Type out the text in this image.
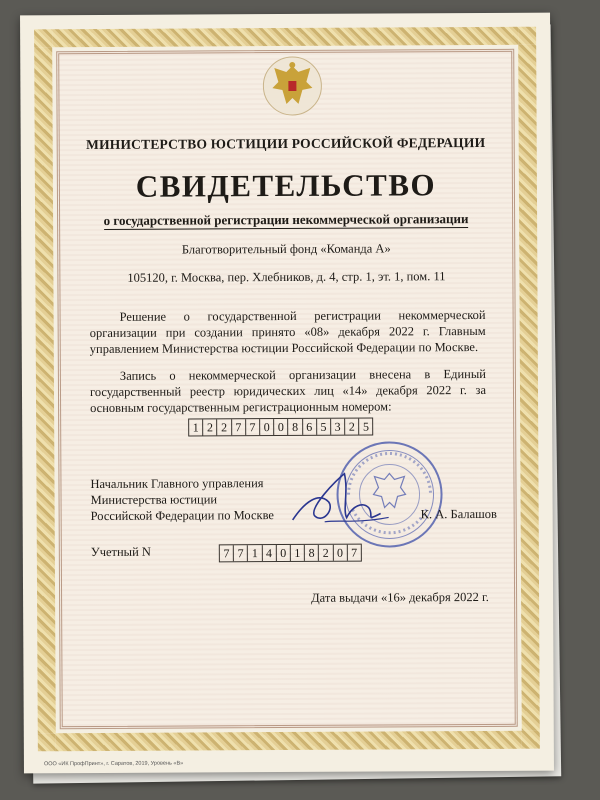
МИНИСТЕРСТВО ЮСТИЦИИ РОССИЙСКОЙ ФЕДЕРАЦИИ
СВИДЕТЕЛЬСТВО
о государственной регистрации некоммерческой организации
Благотворительный фонд «Команда А»
105120, г. Москва, пер. Хлебников, д. 4, стр. 1, эт. 1, пом. 11
Решение о государственной регистрации некоммерческой организации при создании принято «08» декабря 2022 г. Главным управлением Министерства юстиции Российской Федерации по Москве.
Запись о некоммерческой организации внесена в Единый государственный реестр юридических лиц «14» декабря 2022 г. за основным государственным регистрационным номером:
1 2 2 7 7 0 0 8 6 5 3 2 5
Начальник Главного управления
Министерства юстиции
Российской Федерации по Москве	К. А. Балашов
Учетный N	7 7 1 4 0 1 8 2 0 7
Дата выдачи «16» декабря 2022 г.
ООО «ИК ПрофПринт», г. Саратов, 2019, Уровень «В»
